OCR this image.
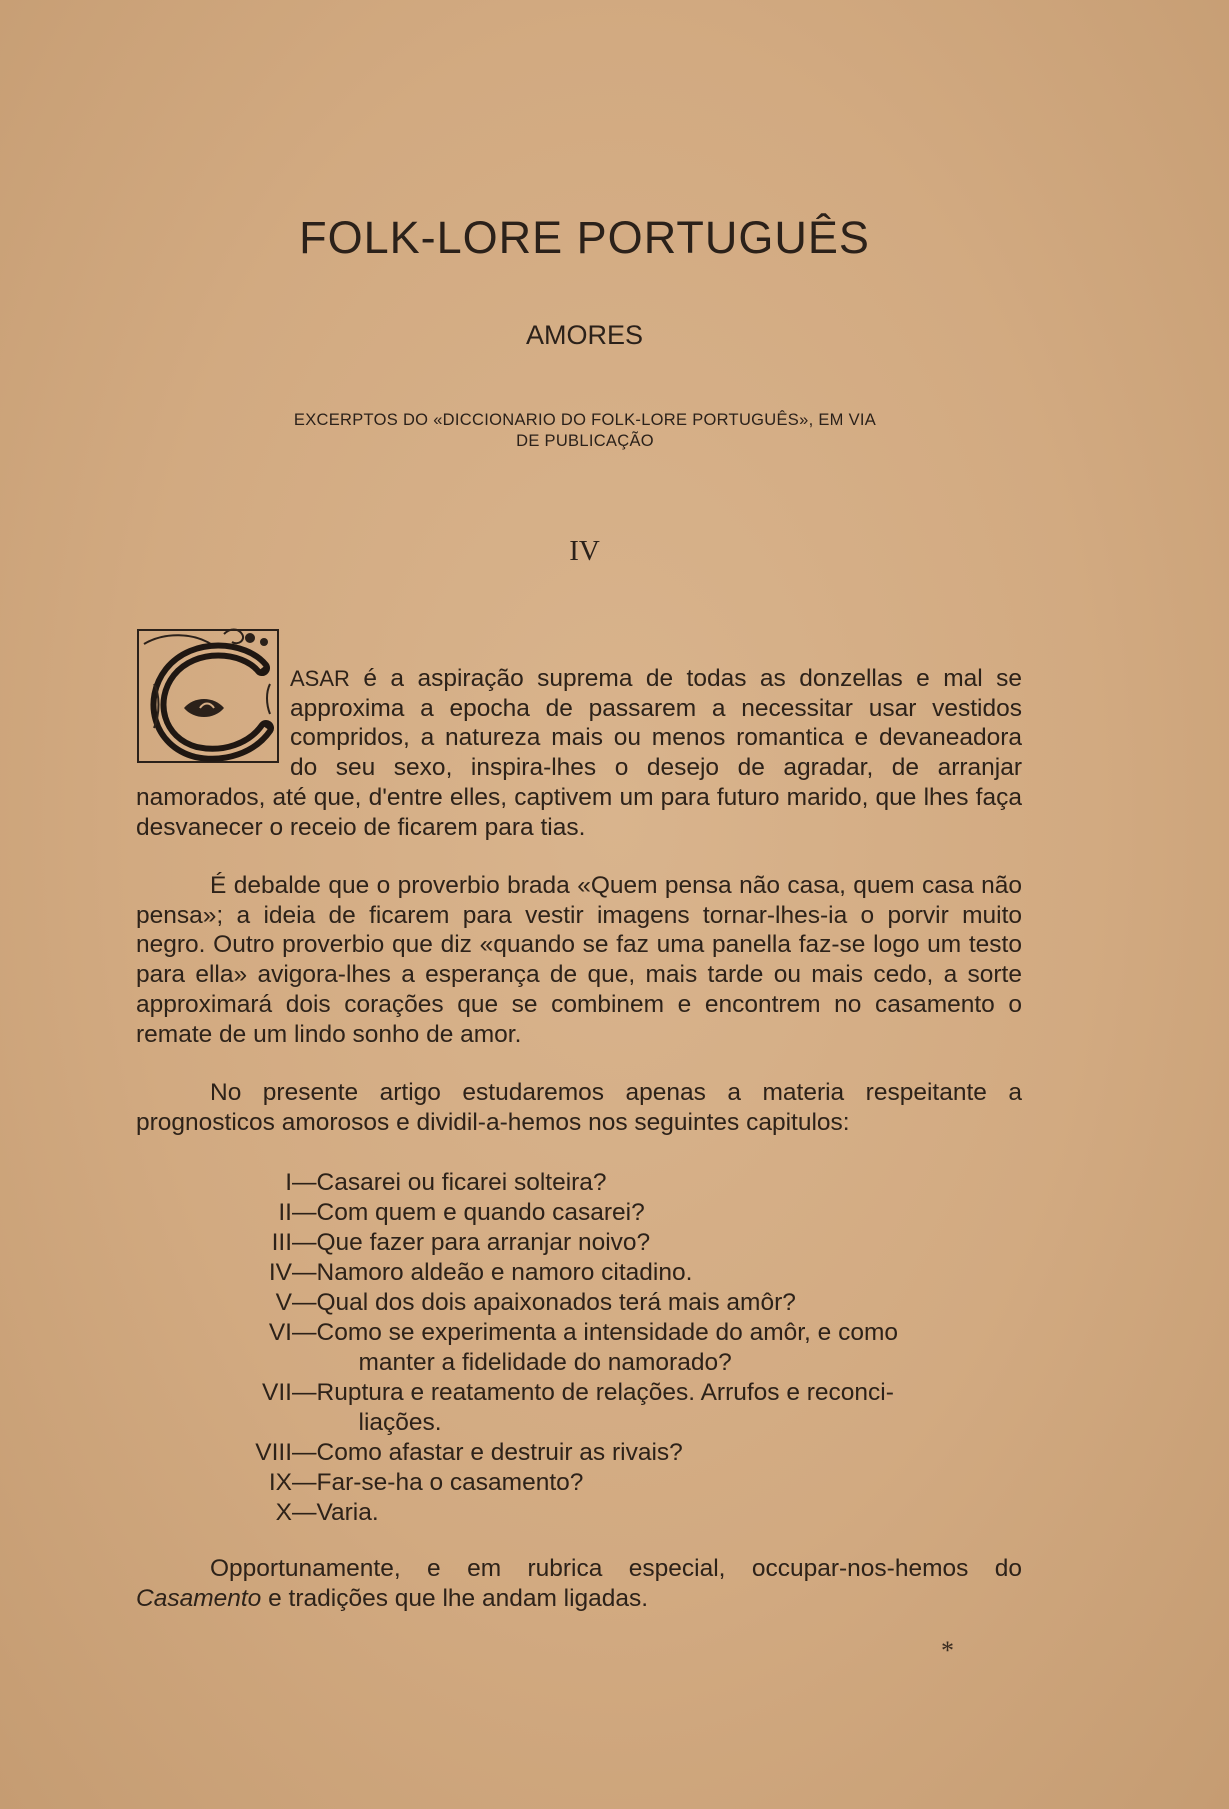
FOLK-LORE PORTUGUÊS
AMORES
EXCERPTOS DO «DICCIONARIO DO FOLK-LORE PORTUGUÊS», EM VIA
DE PUBLICAÇÃO
IV
ASAR é a aspiração suprema de todas as donzellas e mal se approxima a epocha de passarem a necessitar usar vestidos compridos, a natureza mais ou menos romantica e devaneadora do seu sexo, inspira-lhes o desejo de agradar, de arranjar namorados, até que, d'entre elles, captivem um para futuro marido, que lhes faça desvanecer o receio de ficarem para tias.
É debalde que o proverbio brada «Quem pensa não casa, quem casa não pensa»; a ideia de ficarem para vestir imagens tornar-lhes-ia o porvir muito negro. Outro proverbio que diz «quando se faz uma panella faz-se logo um testo para ella» avigora-lhes a esperança de que, mais tarde ou mais cedo, a sorte approximará dois corações que se combinem e encontrem no casamento o remate de um lindo sonho de amor.
No presente artigo estudaremos apenas a materia respeitante a prognosticos amorosos e dividil-a-hemos nos seguintes capitulos:
I — Casarei ou ficarei solteira?
II — Com quem e quando casarei?
III — Que fazer para arranjar noivo?
IV — Namoro aldeão e namoro citadino.
V — Qual dos dois apaixonados terá mais amôr?
VI — Como se experimenta a intensidade do amôr, e como
manter a fidelidade do namorado?
VII — Ruptura e reatamento de relações. Arrufos e reconci-
liações.
VIII — Como afastar e destruir as rivais?
IX — Far-se-ha o casamento?
X — Varia.
Opportunamente, e em rubrica especial, occupar-nos-hemos do Casamento e tradições que lhe andam ligadas.
*
